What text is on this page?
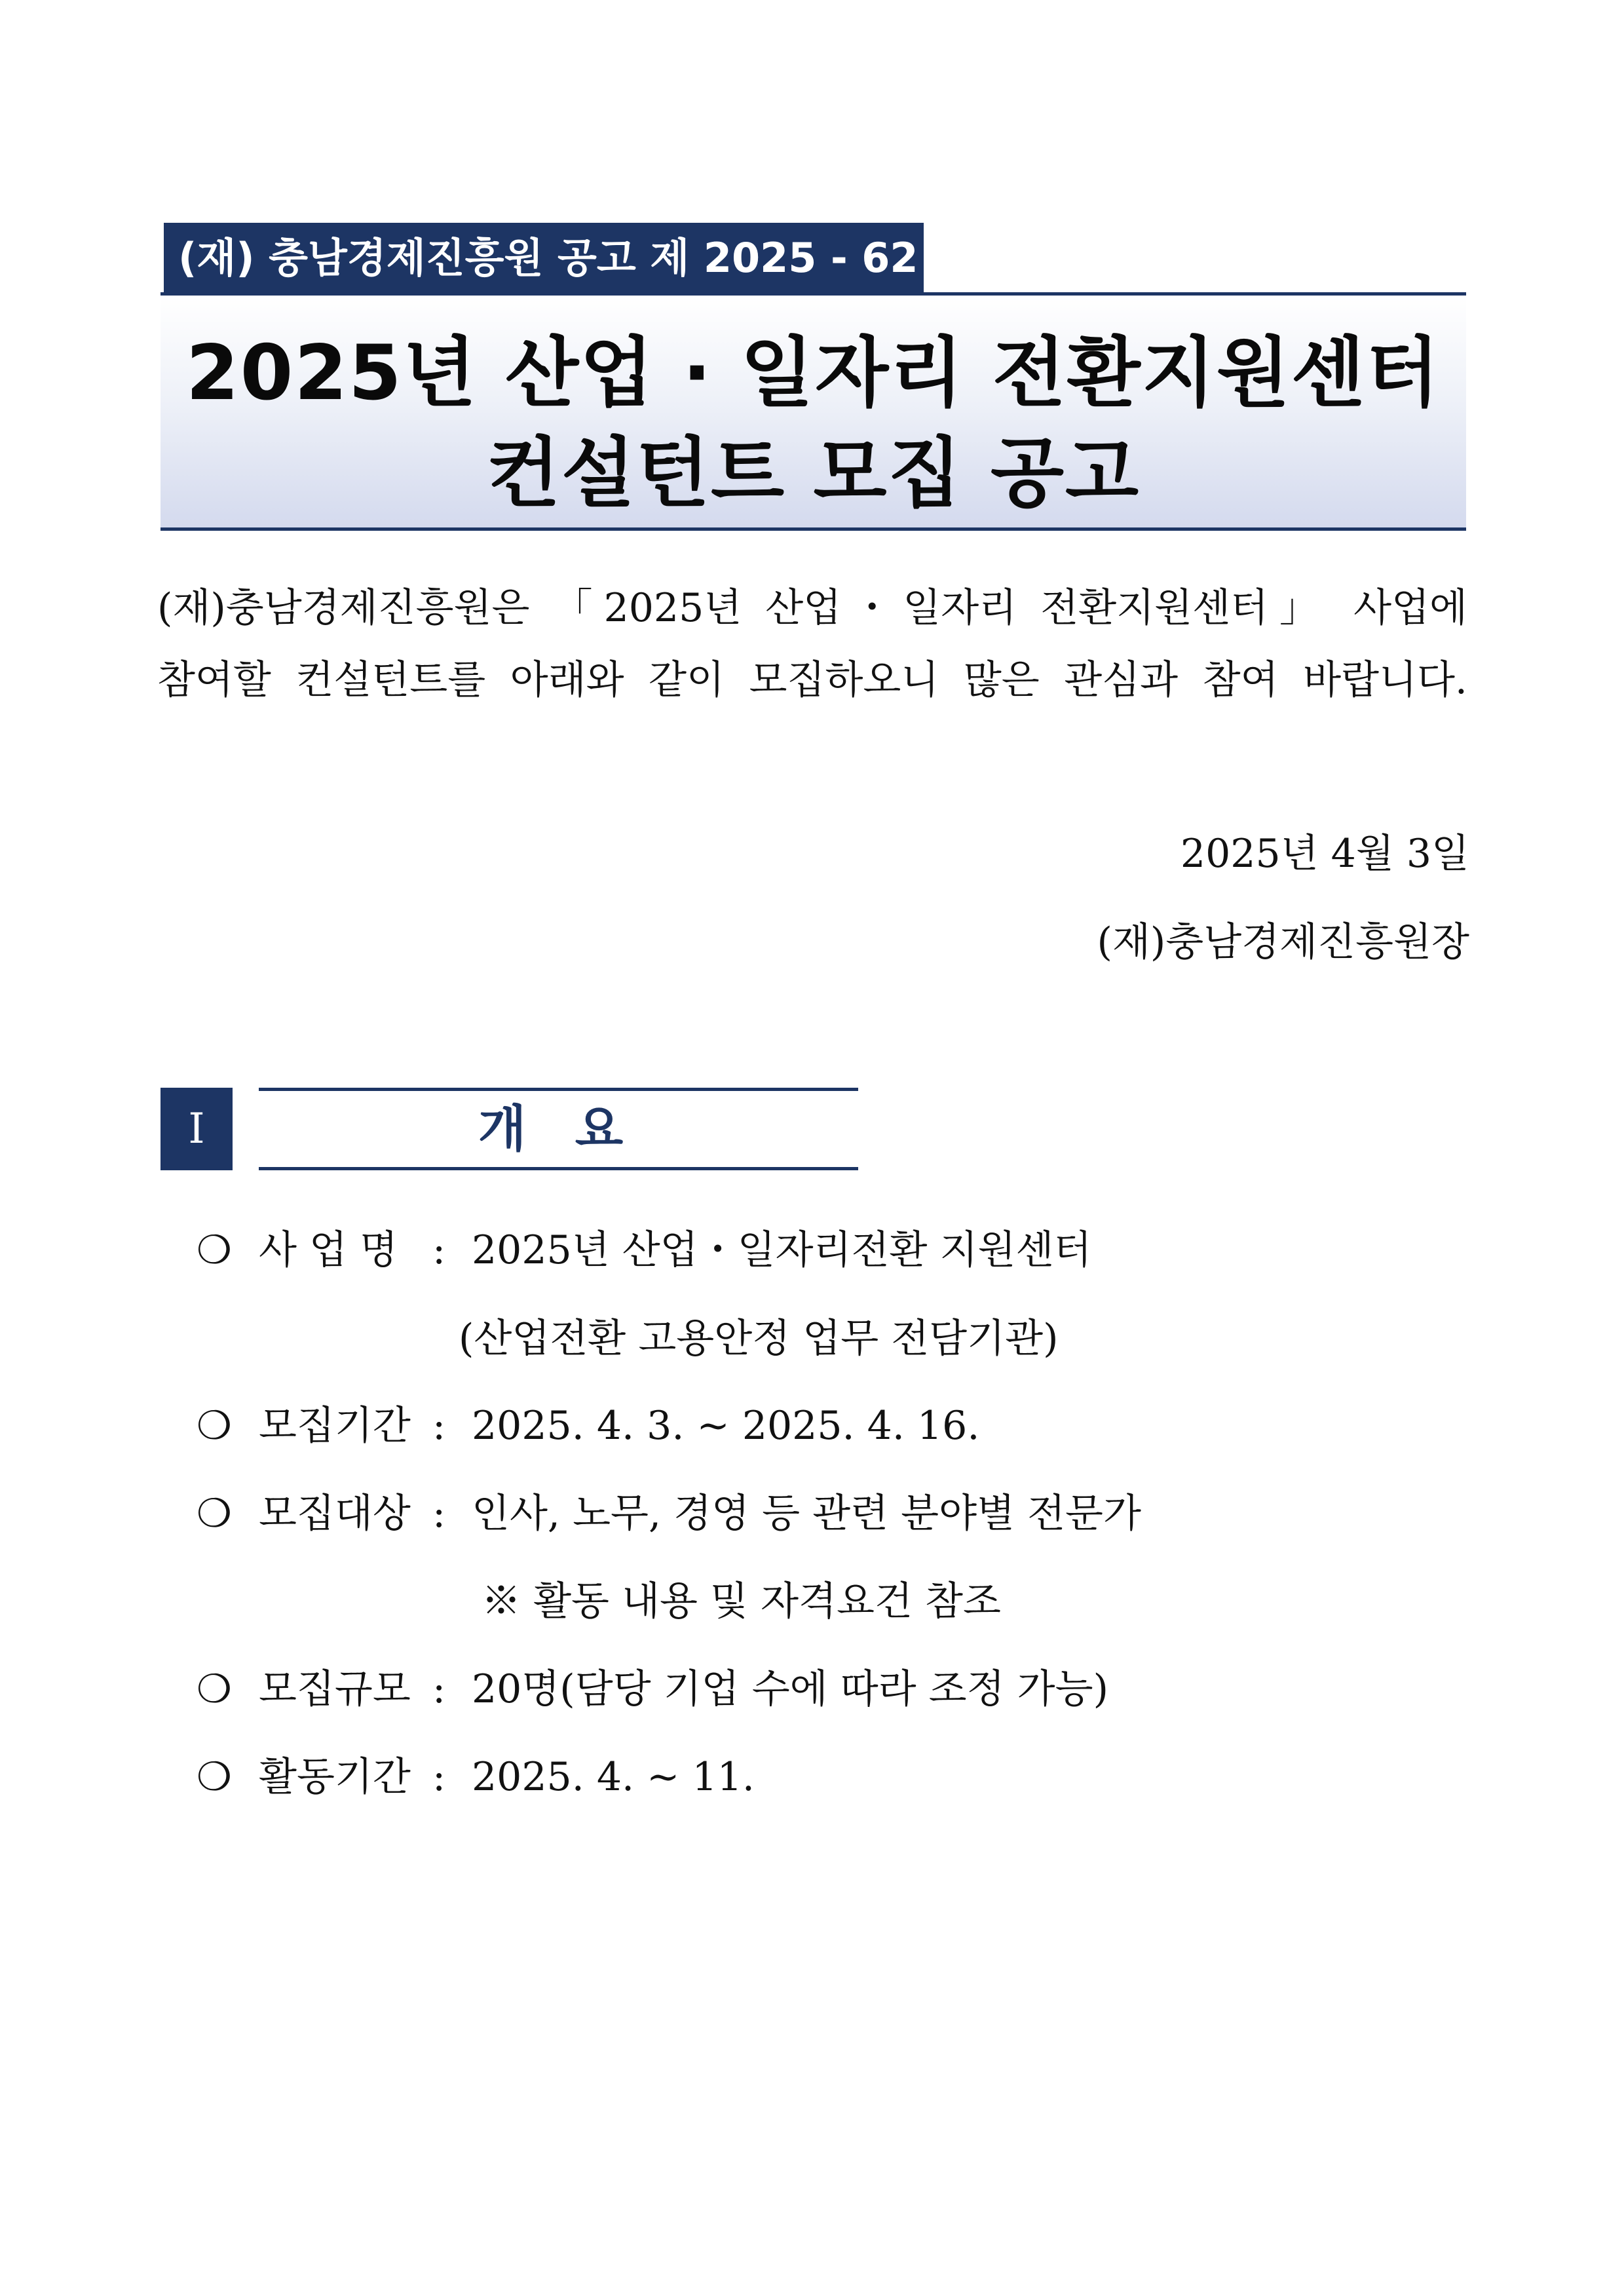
(재) 충남경제진흥원 공고 제 2025 - 62 호
2025년 산업 · 일자리 전환지원센터
컨설턴트 모집 공고
(재)충남경제진흥원은 「2025년 산업・일자리 전환지원센터」 사업에
참여할 컨설턴트를 아래와 같이 모집하오니 많은 관심과 참여 바랍니다.
2025년 4월 3일
(재)충남경제진흥원장
I	개 요
❍ 사 업 명 : 2025년 산업・일자리전환 지원센터
(산업전환 고용안정 업무 전담기관)
❍ 모집기간 : 2025. 4. 3. ~ 2025. 4. 16.
❍ 모집대상 : 인사, 노무, 경영 등 관련 분야별 전문가
※ 활동 내용 및 자격요건 참조
❍ 모집규모 : 20명(담당 기업 수에 따라 조정 가능)
❍ 활동기간 : 2025. 4. ~ 11.
